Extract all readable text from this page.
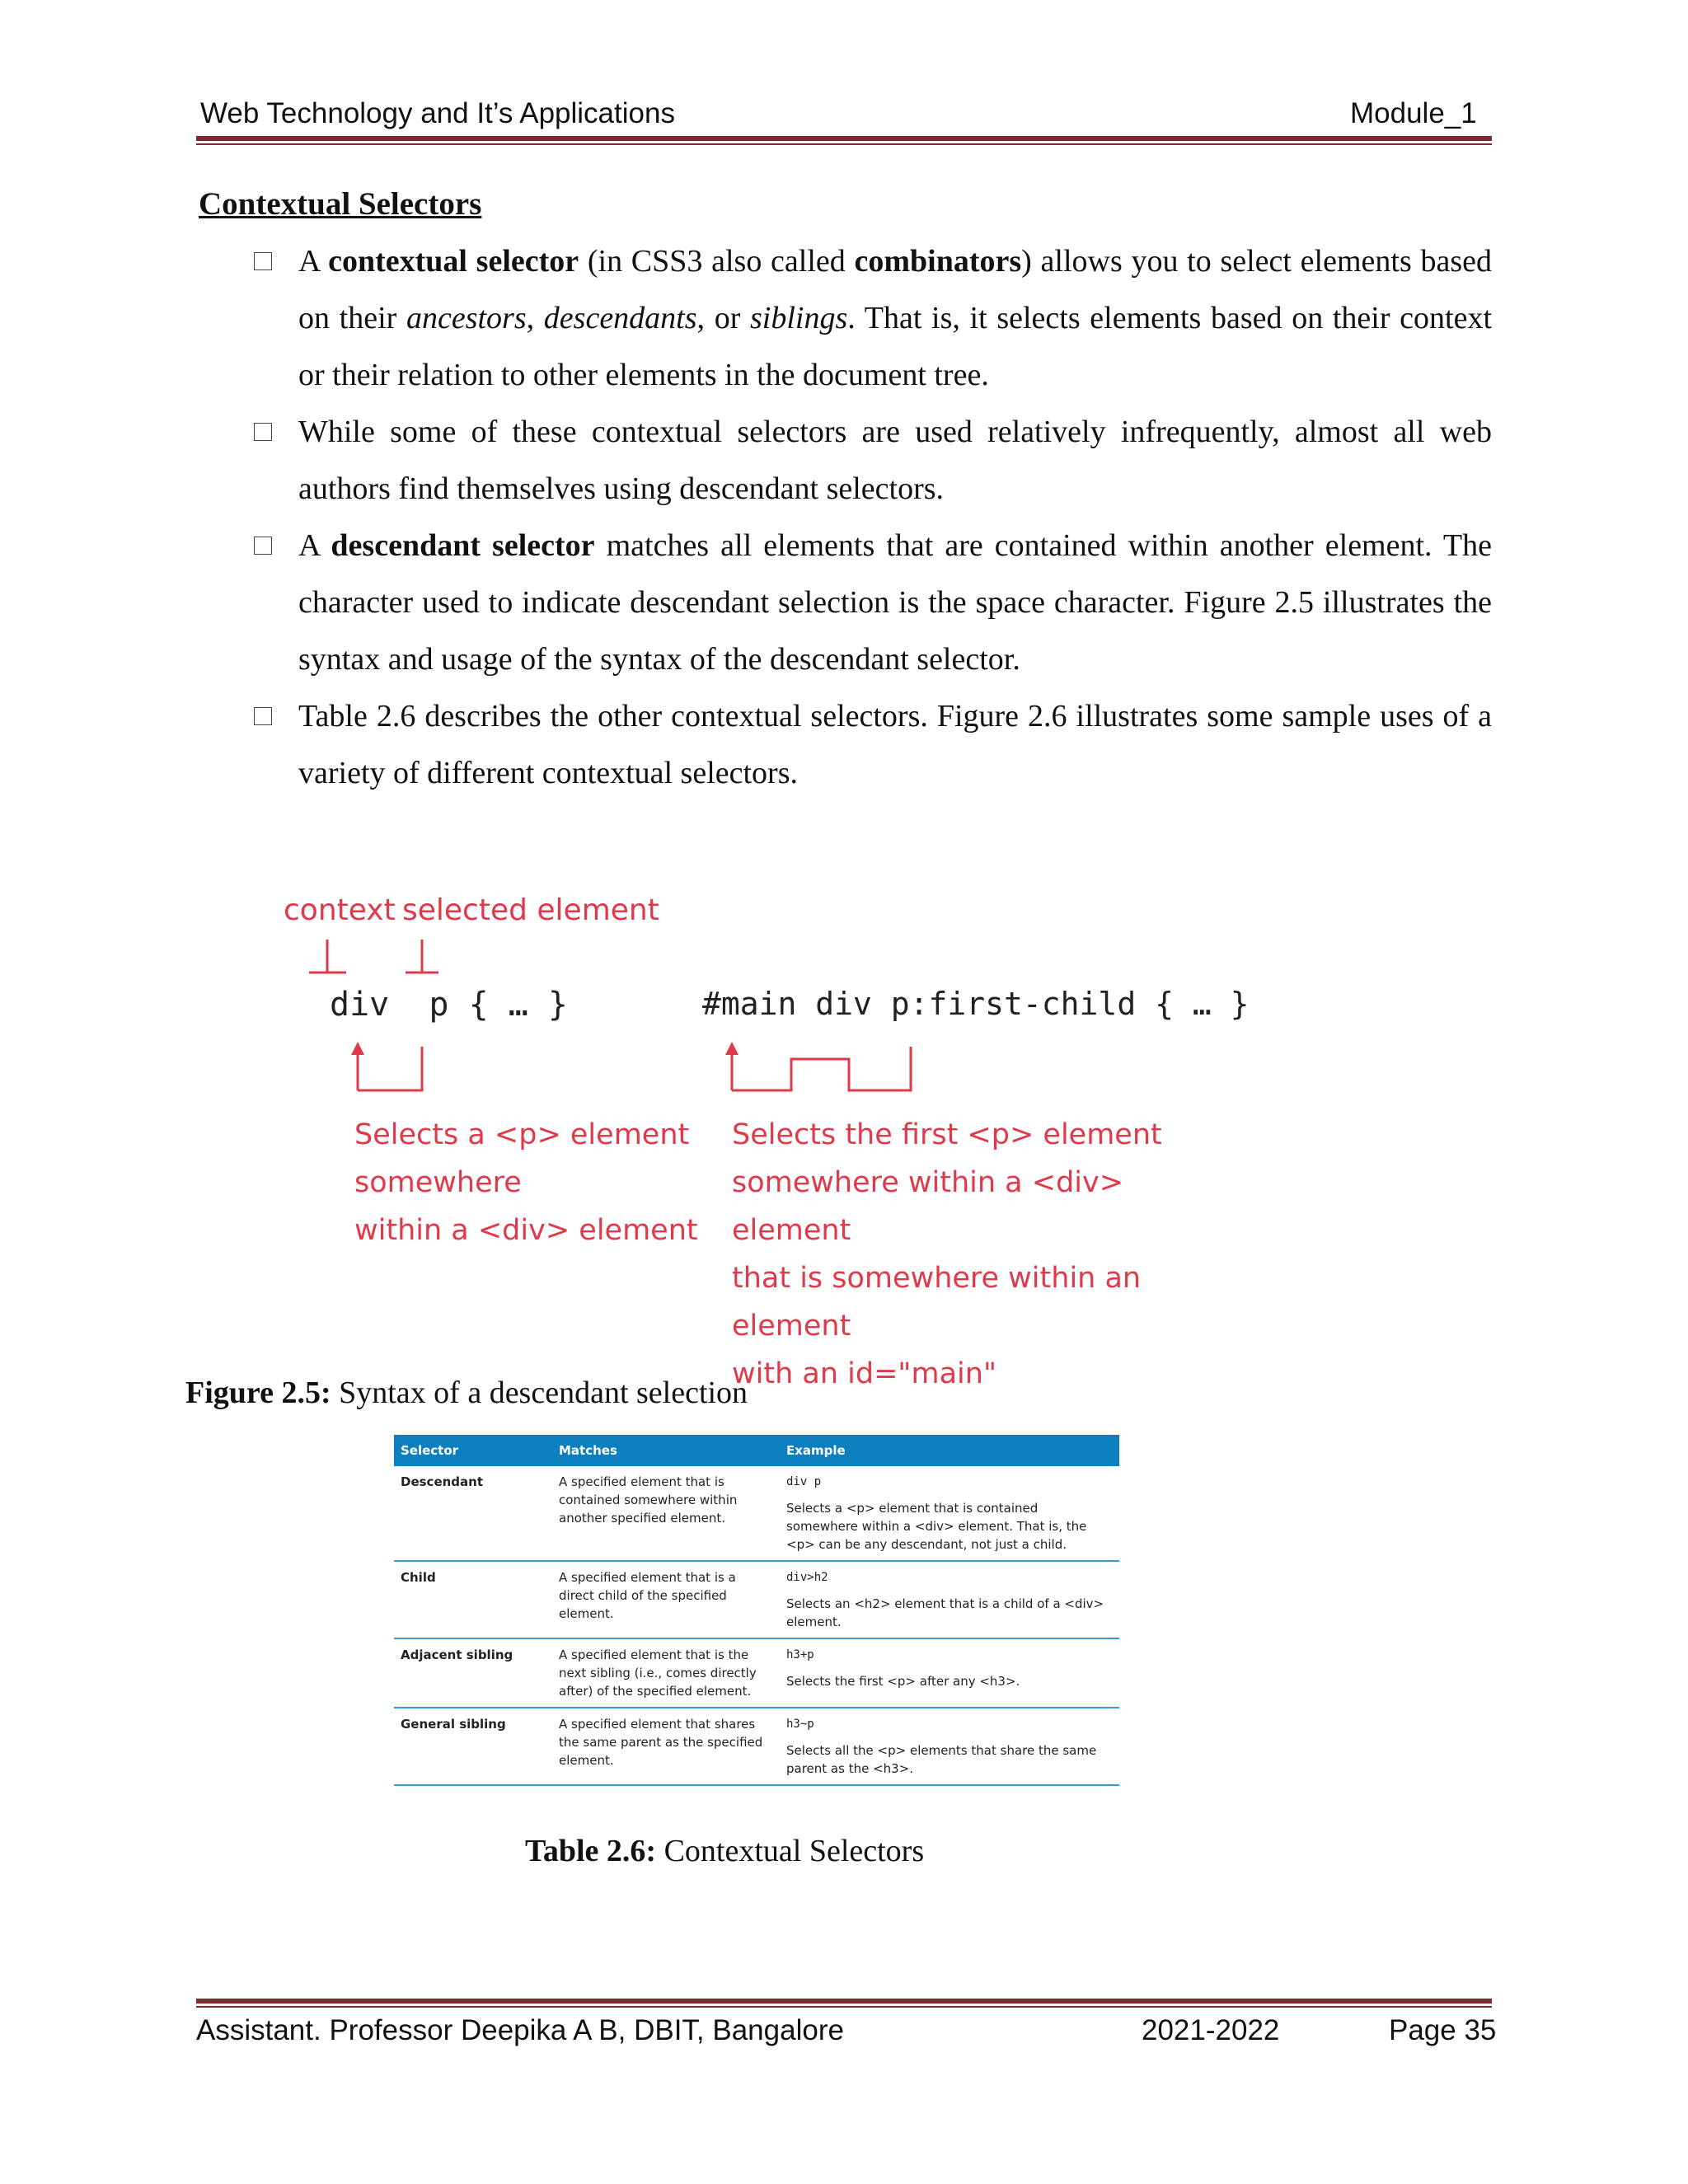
Web Technology and It’s Applications	Module_1
Contextual Selectors
A contextual selector (in CSS3 also called combinators) allows you to select elements based on their ancestors, descendants, or siblings. That is, it selects elements based on their context or their relation to other elements in the document tree.
While some of these contextual selectors are used relatively infrequently, almost all web authors find themselves using descendant selectors.
A descendant selector matches all elements that are contained within another element. The character used to indicate descendant selection is the space character. Figure 2.5 illustrates the syntax and usage of the syntax of the descendant selector.
Table 2.6 describes the other contextual selectors. Figure 2.6 illustrates some sample uses of a variety of different contextual selectors.
context selected element
div  p { … }	#main div p:first-child { … }
Selects a <p> element
somewhere
within a <div> element
Selects the first <p> element
somewhere within a <div> element
that is somewhere within an element
with an id="main"
Figure 2.5: Syntax of a descendant selection
Selector	Matches	Example
Descendant	A specified element that is contained somewhere within another specified element.	div p
Selects a <p> element that is contained somewhere within a <div> element. That is, the <p> can be any descendant, not just a child.
Child	A specified element that is a direct child of the specified element.	div>h2
Selects an <h2> element that is a child of a <div> element.
Adjacent sibling	A specified element that is the next sibling (i.e., comes directly after) of the specified element.	h3+p
Selects the first <p> after any <h3>.
General sibling	A specified element that shares the same parent as the specified element.	h3~p
Selects all the <p> elements that share the same parent as the <h3>.
Table 2.6: Contextual Selectors
Assistant. Professor Deepika A B, DBIT, Bangalore	2021-2022	Page 35
